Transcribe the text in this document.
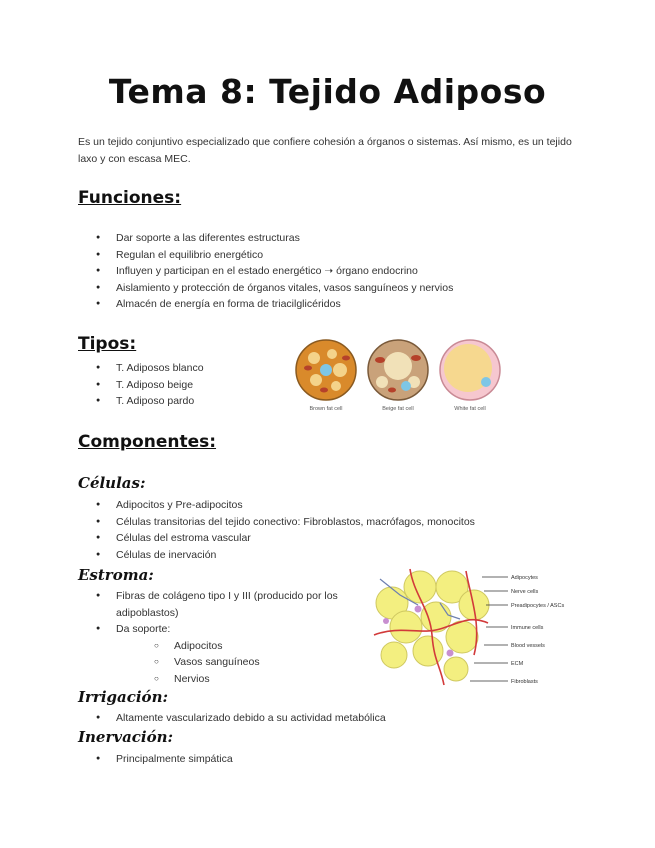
Tema 8: Tejido Adiposo

Es un tejido conjuntivo especializado que confiere cohesión a órganos o sistemas. Así mismo, es un tejido laxo y con escasa MEC.

Funciones:
● Dar soporte a las diferentes estructuras
● Regulan el equilibrio energético
● Influyen y participan en el estado energético ➝ órgano endocrino
● Aislamiento y protección de órganos vitales, vasos sanguíneos y nervios
● Almacén de energía en forma de triacilglicéridos
Tipos:
● T. Adiposos blanco
● T. Adiposo beige
● T. Adiposo pardo
Brown fat cell	Beige fat cell	White fat cell
Componentes:
Células:
● Adipocitos y Pre-adipocitos
● Células transitorias del tejido conectivo: Fibroblastos, macrófagos, monocitos
● Células del estroma vascular
● Células de inervación
Estroma:
● Fibras de colágeno tipo I y III (producido por los
adipoblastos)
● Da soporte:
○ Adipocitos
○ Vasos sanguíneos
○ Nervios
Adipocytes
Nerve cells
Preadipocytes / ASCs
Immune cells
Blood vessels
ECM
Fibroblasts
Irrigación:
● Altamente vascularizado debido a su actividad metabólica
Inervación:
● Principalmente simpática
